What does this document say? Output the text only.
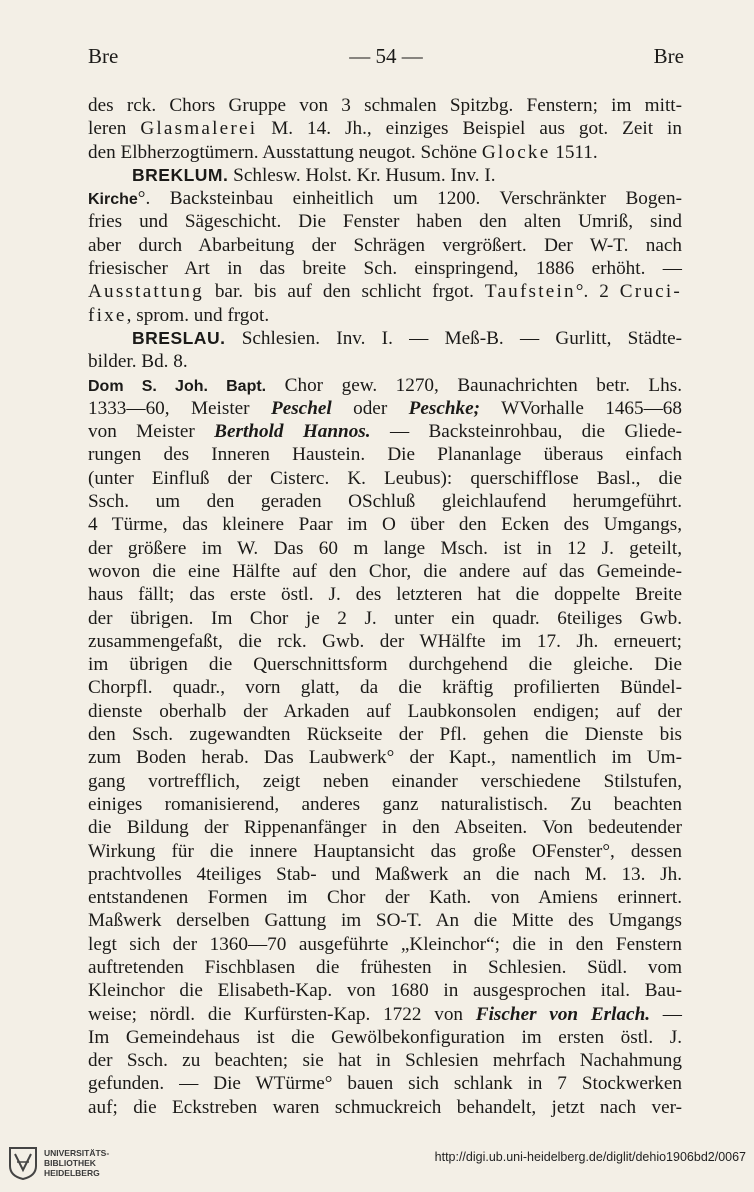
Bre	— 54 —	Bre
des rck. Chors Gruppe von 3 schmalen Spitzbg. Fenstern; im mitt-
leren Glasmalerei M. 14. Jh., einziges Beispiel aus got. Zeit in
den Elbherzogtümern. Ausstattung neugot. Schöne Glocke 1511.
BREKLUM. Schlesw. Holst. Kr. Husum. Inv. I.
Kirche°. Backsteinbau einheitlich um 1200. Verschränkter Bogen-
fries und Sägeschicht. Die Fenster haben den alten Umriß, sind
aber durch Abarbeitung der Schrägen vergrößert. Der W-T. nach
friesischer Art in das breite Sch. einspringend, 1886 erhöht. —
Ausstattung bar. bis auf den schlicht frgot. Taufstein°. 2 Cruci-
fixe, sprom. und frgot.
BRESLAU. Schlesien. Inv. I. — Meß-B. — Gurlitt, Städte-
bilder. Bd. 8.
Dom S. Joh. Bapt. Chor gew. 1270, Baunachrichten betr. Lhs.
1333—60, Meister Peschel oder Peschke; WVorhalle 1465—68
von Meister Berthold Hannos. — Backsteinrohbau, die Gliede-
rungen des Inneren Haustein. Die Plananlage überaus einfach
(unter Einfluß der Cisterc. K. Leubus): querschifflose Basl., die
Ssch. um den geraden OSchluß gleichlaufend herumgeführt.
4 Türme, das kleinere Paar im O über den Ecken des Umgangs,
der größere im W. Das 60 m lange Msch. ist in 12 J. geteilt,
wovon die eine Hälfte auf den Chor, die andere auf das Gemeinde-
haus fällt; das erste östl. J. des letzteren hat die doppelte Breite
der übrigen. Im Chor je 2 J. unter ein quadr. 6teiliges Gwb.
zusammengefaßt, die rck. Gwb. der WHälfte im 17. Jh. erneuert;
im übrigen die Querschnittsform durchgehend die gleiche. Die
Chorpfl. quadr., vorn glatt, da die kräftig profilierten Bündel-
dienste oberhalb der Arkaden auf Laubkonsolen endigen; auf der
den Ssch. zugewandten Rückseite der Pfl. gehen die Dienste bis
zum Boden herab. Das Laubwerk° der Kapt., namentlich im Um-
gang vortrefflich, zeigt neben einander verschiedene Stilstufen,
einiges romanisierend, anderes ganz naturalistisch. Zu beachten
die Bildung der Rippenanfänger in den Abseiten. Von bedeutender
Wirkung für die innere Hauptansicht das große OFenster°, dessen
prachtvolles 4teiliges Stab- und Maßwerk an die nach M. 13. Jh.
entstandenen Formen im Chor der Kath. von Amiens erinnert.
Maßwerk derselben Gattung im SO-T. An die Mitte des Umgangs
legt sich der 1360—70 ausgeführte „Kleinchor“; die in den Fenstern
auftretenden Fischblasen die frühesten in Schlesien. Südl. vom
Kleinchor die Elisabeth-Kap. von 1680 in ausgesprochen ital. Bau-
weise; nördl. die Kurfürsten-Kap. 1722 von Fischer von Erlach. —
Im Gemeindehaus ist die Gewölbekonfiguration im ersten östl. J.
der Ssch. zu beachten; sie hat in Schlesien mehrfach Nachahmung
gefunden. — Die WTürme° bauen sich schlank in 7 Stockwerken
auf; die Eckstreben waren schmuckreich behandelt, jetzt nach ver-
UNIVERSITÄTS-
BIBLIOTHEK
HEIDELBERG
http://digi.ub.uni-heidelberg.de/diglit/dehio1906bd2/0067
